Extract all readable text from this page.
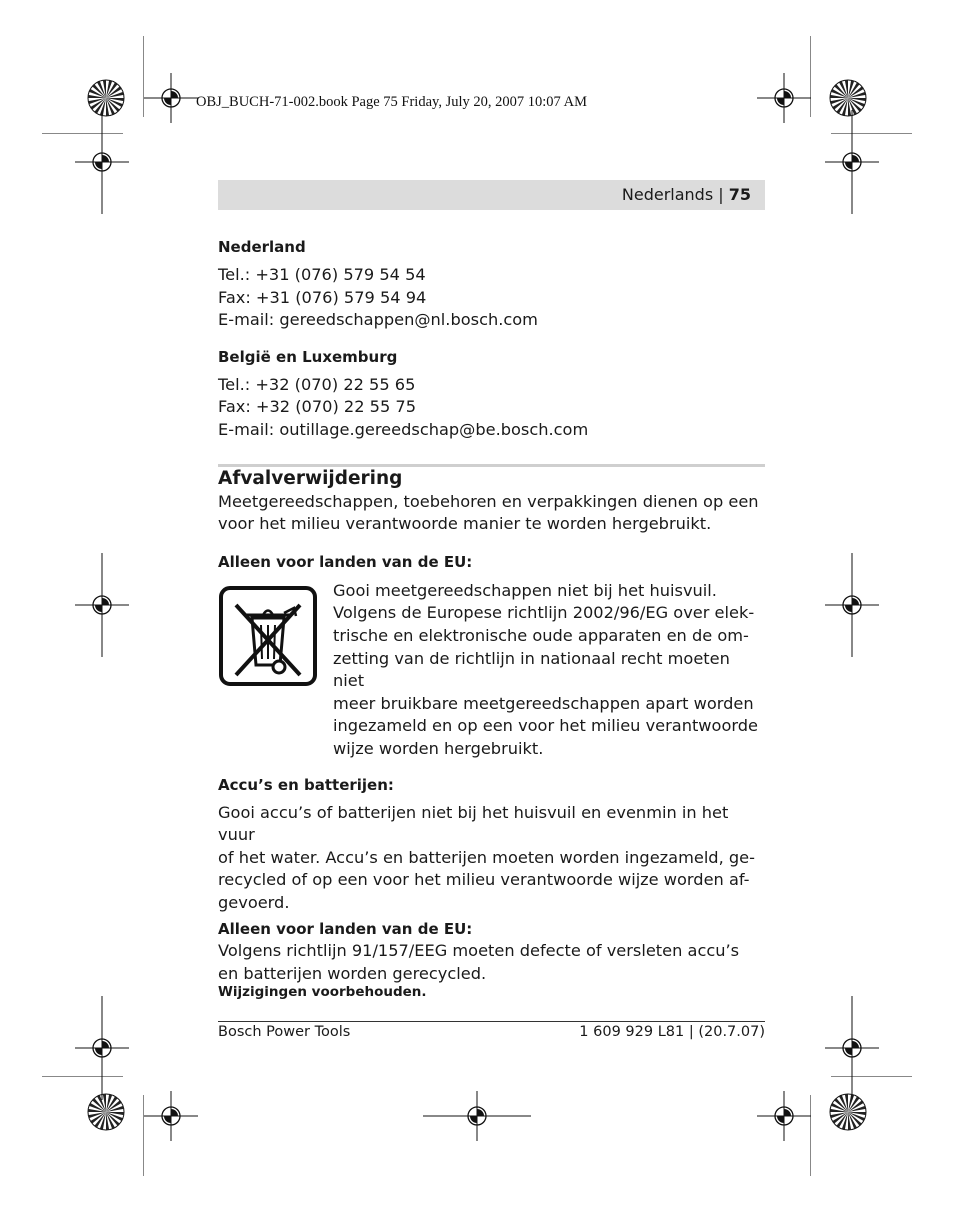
OBJ_BUCH-71-002.book Page 75 Friday, July 20, 2007 10:07 AM
Nederlands | 75

Nederland

Tel.: +31 (076) 579 54 54

Fax: +31 (076) 579 54 94

E-mail: gereedschappen@nl.bosch.com

België en Luxemburg

Tel.: +32 (070) 22 55 65

Fax: +32 (070) 22 55 75

E-mail: outillage.gereedschap@be.bosch.com

Afvalverwijdering

Meetgereedschappen, toebehoren en verpakkingen dienen op een voor het milieu verantwoorde manier te worden hergebruikt.

Alleen voor landen van de EU:

Gooi meetgereedschappen niet bij het huisvuil.

Volgens de Europese richtlijn 2002/96/EG over elek-

trische en elektronische oude apparaten en de om-

zetting van de richtlijn in nationaal recht moeten niet

meer bruikbare meetgereedschappen apart worden

ingezameld en op een voor het milieu verantwoorde

wijze worden hergebruikt.

Accu’s en batterijen:

Gooi accu’s of batterijen niet bij het huisvuil en evenmin in het vuur

of het water. Accu’s en batterijen moeten worden ingezameld, ge-

recycled of op een voor het milieu verantwoorde wijze worden af-

gevoerd.

Alleen voor landen van de EU:

Volgens richtlijn 91/157/EEG moeten defecte of versleten accu’s

en batterijen worden gerecycled.

Wijzigingen voorbehouden.
Bosch Power Tools	1 609 929 L81 | (20.7.07)
